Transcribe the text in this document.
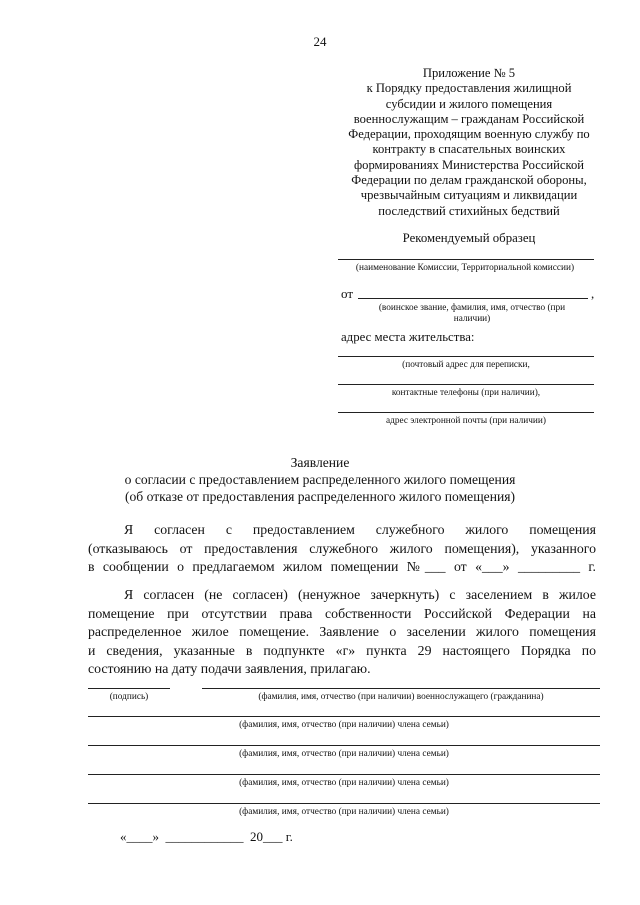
24
Приложение № 5
к Порядку предоставления жилищной
субсидии и жилого помещения
военнослужащим – гражданам Российской
Федерации, проходящим военную службу по
контракту в спасательных воинских
формированиях Министерства Российской
Федерации по делам гражданской обороны,
чрезвычайным ситуациям и ликвидации
последствий стихийных бедствий
Рекомендуемый образец
(наименование Комиссии, Территориальной комиссии)
от	,
(воинское звание, фамилия, имя, отчество (при наличии)
адрес места жительства:
(почтовый адрес для переписки,
контактные телефоны (при наличии),
адрес электронной почты (при наличии)
Заявление
о согласии с предоставлением распределенного жилого помещения
(об отказе от предоставления распределенного жилого помещения)
Я согласен с предоставлением служебного жилого помещения
(отказываюсь от предоставления служебного жилого помещения), указанного
в сообщении о предлагаемом жилом помещении №___ от «___» _________ г.
Я согласен (не согласен) (ненужное зачеркнуть) с заселением в жилое
помещение при отсутствии права собственности Российской Федерации на
распределенное жилое помещение. Заявление о заселении жилого помещения
и сведения, указанные в подпункте «г» пункта 29 настоящего Порядка по
состоянию на дату подачи заявления, прилагаю.
(подпись)	(фамилия, имя, отчество (при наличии) военнослужащего (гражданина)
(фамилия, имя, отчество (при наличии) члена семьи)
(фамилия, имя, отчество (при наличии) члена семьи)
(фамилия, имя, отчество (при наличии) члена семьи)
(фамилия, имя, отчество (при наличии) члена семьи)
«____»  ____________  20___ г.
